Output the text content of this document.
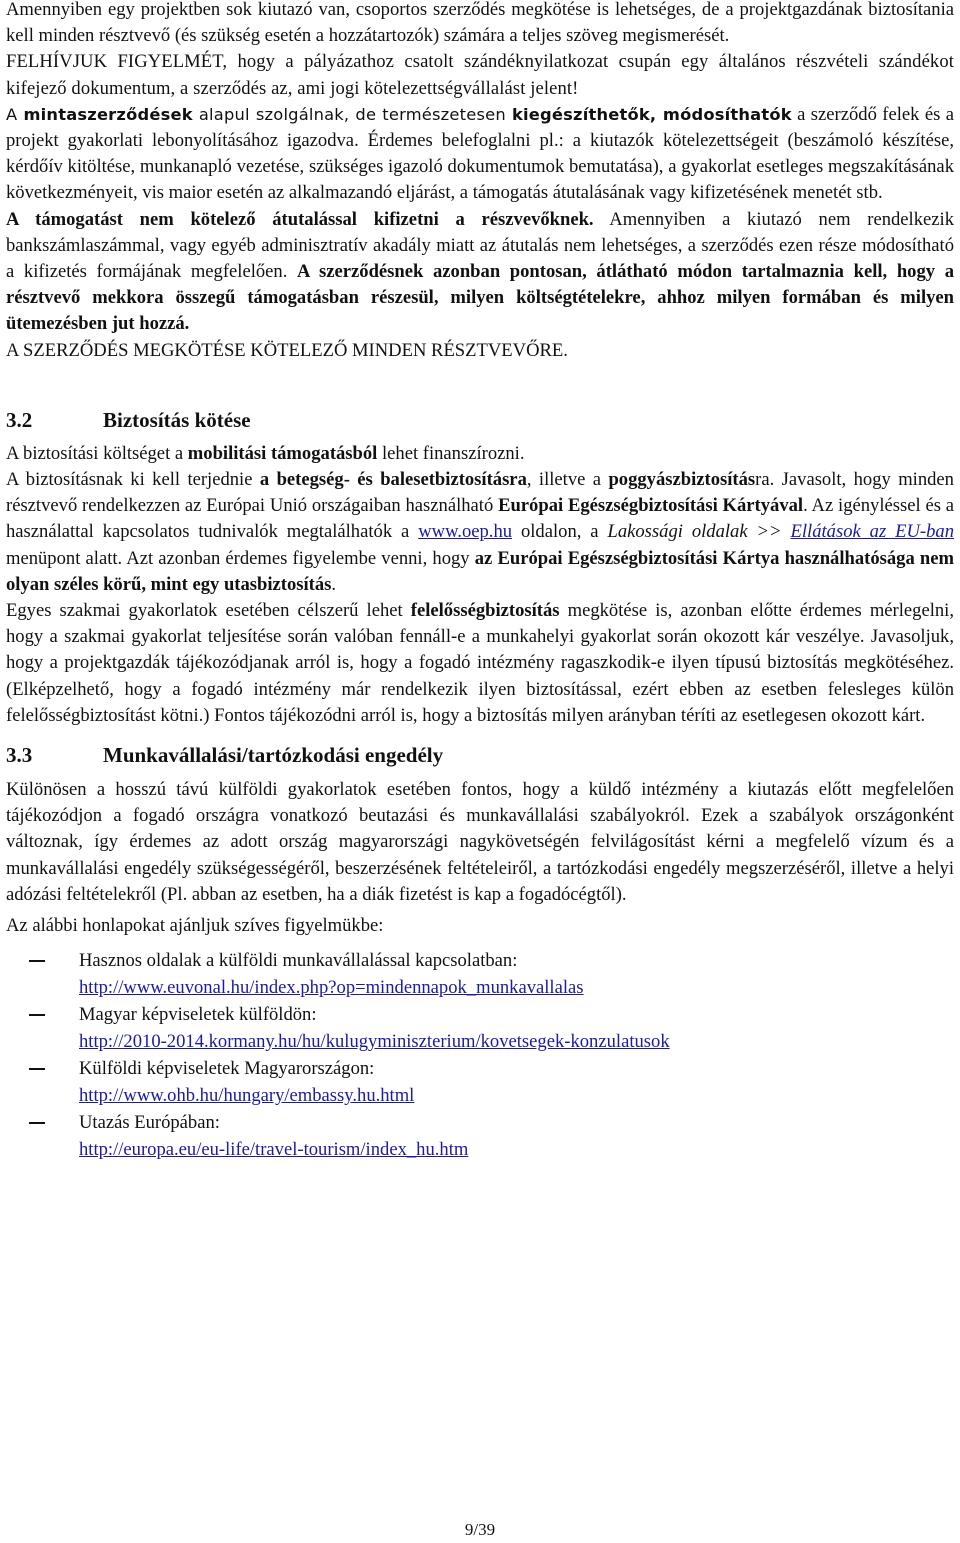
Amennyiben egy projektben sok kiutazó van, csoportos szerződés megkötése is lehetséges, de a projektgazdának biztosítania kell minden résztvevő (és szükség esetén a hozzátartozók) számára a teljes szöveg megismerését.

FELHÍVJUK FIGYELMÉT, hogy a pályázathoz csatolt szándéknyilatkozat csupán egy általános részvételi szándékot kifejező dokumentum, a szerződés az, ami jogi kötelezettségvállalást jelent!

A mintaszerződések alapul szolgálnak, de természetesen kiegészíthetők, módosíthatók a szerződő felek és a projekt gyakorlati lebonyolításához igazodva. Érdemes belefoglalni pl.: a kiutazók kötelezettségeit (beszámoló készítése, kérdőív kitöltése, munkanapló vezetése, szükséges igazoló dokumentumok bemutatása), a gyakorlat esetleges megszakításának következményeit, vis maior esetén az alkalmazandó eljárást, a támogatás átutalásának vagy kifizetésének menetét stb.

A támogatást nem kötelező átutalással kifizetni a részvevőknek. Amennyiben a kiutazó nem rendelkezik bankszámlaszámmal, vagy egyéb adminisztratív akadály miatt az átutalás nem lehetséges, a szerződés ezen része módosítható a kifizetés formájának megfelelően. A szerződésnek azonban pontosan, átlátható módon tartalmaznia kell, hogy a résztvevő mekkora összegű támogatásban részesül, milyen költségtételekre, ahhoz milyen formában és milyen ütemezésben jut hozzá.

A SZERZŐDÉS MEGKÖTÉSE KÖTELEZŐ MINDEN RÉSZTVEVŐRE.

3.2	Biztosítás kötése

A biztosítási költséget a mobilitási támogatásból lehet finanszírozni.

A biztosításnak ki kell terjednie a betegség- és balesetbiztosításra, illetve a poggyászbiztosításra. Javasolt, hogy minden résztvevő rendelkezzen az Európai Unió országaiban használható Európai Egészségbiztosítási Kártyával. Az igényléssel és a használattal kapcsolatos tudnivalók megtalálhatók a www.oep.hu oldalon, a Lakossági oldalak >> Ellátások az EU-ban menüpont alatt. Azt azonban érdemes figyelembe venni, hogy az Európai Egészségbiztosítási Kártya használhatósága nem olyan széles körű, mint egy utasbiztosítás.

Egyes szakmai gyakorlatok esetében célszerű lehet felelősségbiztosítás megkötése is, azonban előtte érdemes mérlegelni, hogy a szakmai gyakorlat teljesítése során valóban fennáll-e a munkahelyi gyakorlat során okozott kár veszélye. Javasoljuk, hogy a projektgazdák tájékozódjanak arról is, hogy a fogadó intézmény ragaszkodik-e ilyen típusú biztosítás megkötéséhez. (Elképzelhető, hogy a fogadó intézmény már rendelkezik ilyen biztosítással, ezért ebben az esetben felesleges külön felelősségbiztosítást kötni.) Fontos tájékozódni arról is, hogy a biztosítás milyen arányban téríti az esetlegesen okozott kárt.

3.3	Munkavállalási/tartózkodási engedély

Különösen a hosszú távú külföldi gyakorlatok esetében fontos, hogy a küldő intézmény a kiutazás előtt megfelelően tájékozódjon a fogadó országra vonatkozó beutazási és munkavállalási szabályokról. Ezek a szabályok országonként változnak, így érdemes az adott ország magyarországi nagykövetségén felvilágosítást kérni a megfelelő vízum és a munkavállalási engedély szükségességéről, beszerzésének feltételeiről, a tartózkodási engedély megszerzéséről, illetve a helyi adózási feltételekről (Pl. abban az esetben, ha a diák fizetést is kap a fogadócégtől).

Az alábbi honlapokat ajánljuk szíves figyelmükbe:

Hasznos oldalak a külföldi munkavállalással kapcsolatban:
http://www.euvonal.hu/index.php?op=mindennapok_munkavallalas
Magyar képviseletek külföldön:
http://2010-2014.kormany.hu/hu/kulugyminiszterium/kovetsegek-konzulatusok
Külföldi képviseletek Magyarországon:
http://www.ohb.hu/hungary/embassy.hu.html
Utazás Európában:
http://europa.eu/eu-life/travel-tourism/index_hu.htm
9/39
